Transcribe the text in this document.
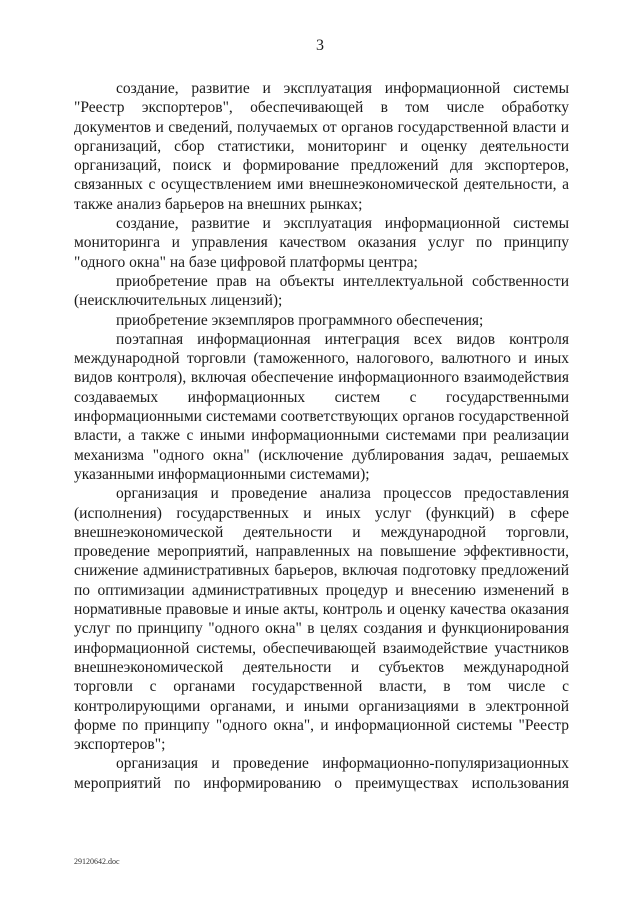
3

создание, развитие и эксплуатация информационной системы "Реестр экспортеров", обеспечивающей в том числе обработку документов и сведений, получаемых от органов государственной власти и организаций, сбор статистики, мониторинг и оценку деятельности организаций, поиск и формирование предложений для экспортеров, связанных с осуществлением ими внешнеэкономической деятельности, а также анализ барьеров на внешних рынках;

создание, развитие и эксплуатация информационной системы мониторинга и управления качеством оказания услуг по принципу "одного окна" на базе цифровой платформы центра;

приобретение прав на объекты интеллектуальной собственности (неисключительных лицензий);

приобретение экземпляров программного обеспечения;

поэтапная информационная интеграция всех видов контроля международной торговли (таможенного, налогового, валютного и иных видов контроля), включая обеспечение информационного взаимодействия создаваемых информационных систем с государственными информационными системами соответствующих органов государственной власти, а также с иными информационными системами при реализации механизма "одного окна" (исключение дублирования задач, решаемых указанными информационными системами);

организация и проведение анализа процессов предоставления (исполнения) государственных и иных услуг (функций) в сфере внешнеэкономической деятельности и международной торговли, проведение мероприятий, направленных на повышение эффективности, снижение административных барьеров, включая подготовку предложений по оптимизации административных процедур и внесению изменений в нормативные правовые и иные акты, контроль и оценку качества оказания услуг по принципу "одного окна" в целях создания и функционирования информационной системы, обеспечивающей взаимодействие участников внешнеэкономической деятельности и субъектов международной торговли с органами государственной власти, в том числе с контролирующими органами, и иными организациями в электронной форме по принципу "одного окна", и информационной системы "Реестр экспортеров";

организация и проведение информационно-популяризационных мероприятий по информированию о преимуществах использования

29120642.doc
